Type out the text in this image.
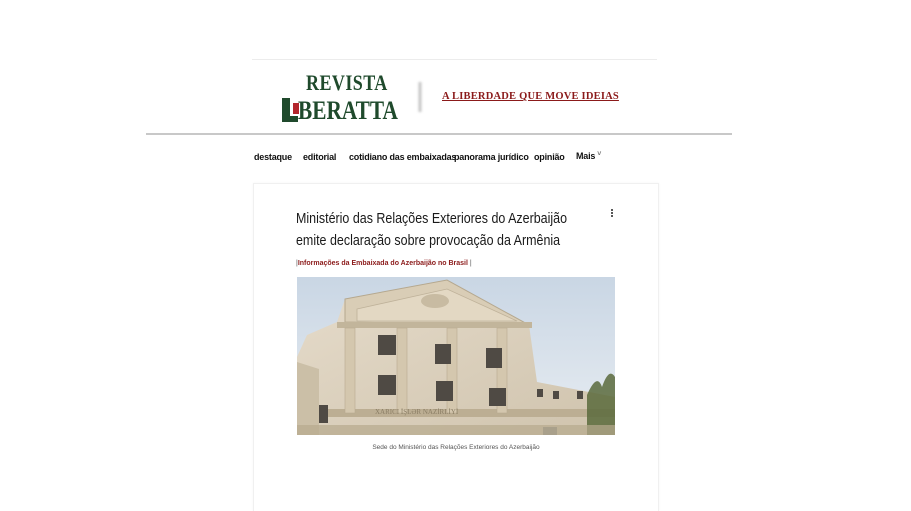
REVISTA
BERATTA	A LIBERDADE QUE MOVE IDEIAS
destaque editorial cotidiano das embaixadas
panorama jurídico opinião Mais ˅
Ministério das Relações Exteriores do Azerbaijão emite declaração sobre provocação da Armênia
|Informações da Embaixada do Azerbaijão no Brasil |
XARICI İŞLƏR NAZİRLİYİ
Sede do Ministério das Relações Exteriores do Azerbaijão
